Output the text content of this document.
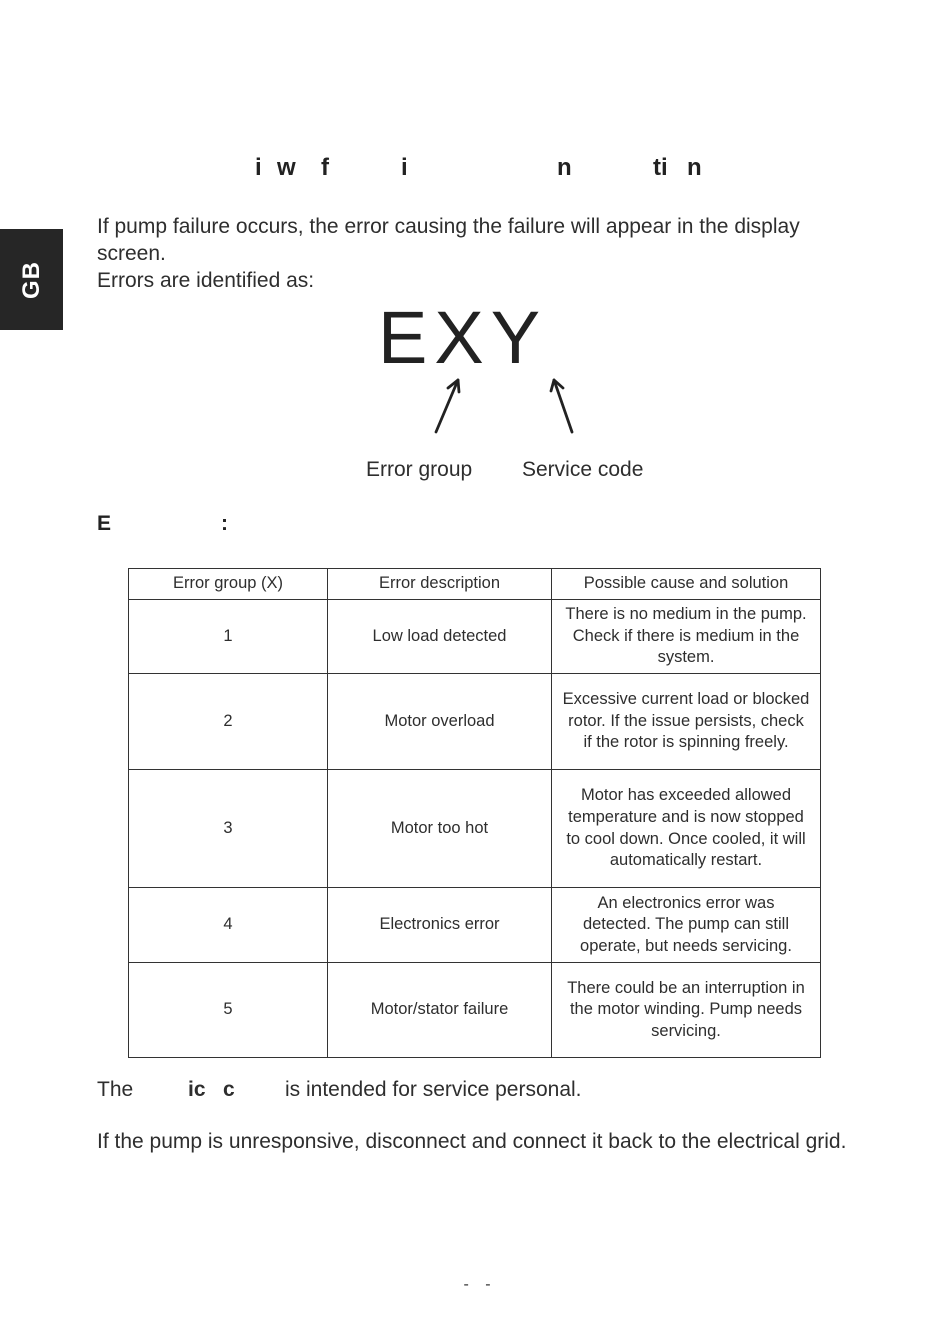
GB
i w f	i	n	ti n
If pump failure occurs, the error causing the failure will appear in the display screen.
Errors are identified as:
EXY
Error group Service code
E	:
Error group (X)	Error description	Possible cause and solution
1	Low load detected	There is no medium in the pump. Check if there is medium in the system.
2	Motor overload	Excessive current load or blocked rotor. If the issue persists, check if the rotor is spinning freely.
3	Motor too hot	Motor has exceeded allowed temperature and is now stopped to cool down. Once cooled, it will automatically restart.
4	Electronics error	An electronics error was detected. The pump can still operate, but needs servicing.
5	Motor/stator failure	There could be an interruption in the motor winding. Pump needs servicing.
The	ic   c is intended for service personal.
If the pump is unresponsive, disconnect and connect it back to the electrical grid.
- -
